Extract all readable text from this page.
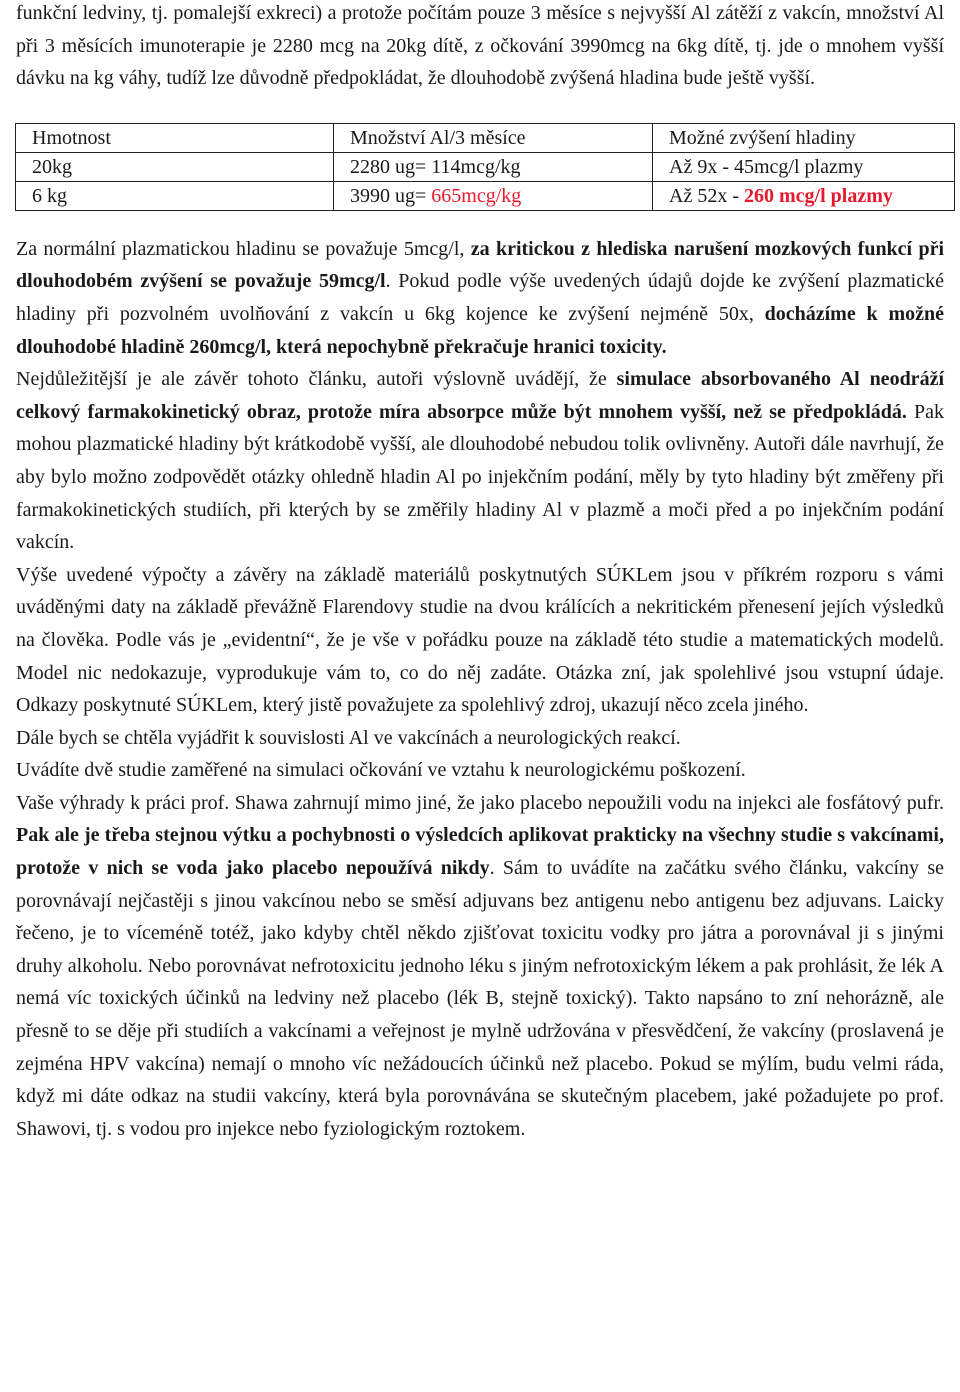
funkční ledviny, tj. pomalejší exkreci) a protože počítám pouze 3 měsíce s nejvyšší Al zátěží z vakcín, množství Al při 3 měsících imunoterapie je 2280 mcg na 20kg dítě, z očkování 3990mcg na 6kg dítě, tj. jde o mnohem vyšší dávku na kg váhy, tudíž lze důvodně předpokládat, že dlouhodobě zvýšená hladina bude ještě vyšší.

Hmotnost	Množství Al/3 měsíce	Možné zvýšení hladiny
20kg	2280 ug= 114mcg/kg	Až 9x - 45mcg/l plazmy
6 kg	3990 ug= 665mcg/kg	Až 52x - 260 mcg/l plazmy

Za normální plazmatickou hladinu se považuje 5mcg/l, za kritickou z hlediska narušení mozkových funkcí při dlouhodobém zvýšení se považuje 59mcg/l. Pokud podle výše uvedených údajů dojde ke zvýšení plazmatické hladiny při pozvolném uvolňování z vakcín u 6kg kojence ke zvýšení nejméně 50x, docházíme k možné dlouhodobé hladině 260mcg/l, která nepochybně překračuje hranici toxicity.

Nejdůležitější je ale závěr tohoto článku, autoři výslovně uvádějí, že simulace absorbovaného Al neodráží celkový farmakokinetický obraz, protože míra absorpce může být mnohem vyšší, než se předpokládá. Pak mohou plazmatické hladiny být krátkodobě vyšší, ale dlouhodobé nebudou tolik ovlivněny. Autoři dále navrhují, že aby bylo možno zodpovědět otázky ohledně hladin Al po injekčním podání, měly by tyto hladiny být změřeny při farmakokinetických studiích, při kterých by se změřily hladiny Al v plazmě a moči před a po injekčním podání vakcín.

Výše uvedené výpočty a závěry na základě materiálů poskytnutých SÚKLem jsou v příkrém rozporu s vámi uváděnými daty na základě převážně Flarendovy studie na dvou králících a nekritickém přenesení jejích výsledků na člověka. Podle vás je „evidentní“, že je vše v pořádku pouze na základě této studie a matematických modelů. Model nic nedokazuje, vyprodukuje vám to, co do něj zadáte. Otázka zní, jak spolehlivé jsou vstupní údaje. Odkazy poskytnuté SÚKLem, který jistě považujete za spolehlivý zdroj, ukazují něco zcela jiného.

Dále bych se chtěla vyjádřit k souvislosti Al ve vakcínách a neurologických reakcí.

Uvádíte dvě studie zaměřené na simulaci očkování ve vztahu k neurologickému poškození.

Vaše výhrady k práci prof. Shawa zahrnují mimo jiné, že jako placebo nepoužili vodu na injekci ale fosfátový pufr. Pak ale je třeba stejnou výtku a pochybnosti o výsledcích aplikovat prakticky na všechny studie s vakcínami, protože v nich se voda jako placebo nepoužívá nikdy. Sám to uvádíte na začátku svého článku, vakcíny se porovnávají nejčastěji s jinou vakcínou nebo se směsí adjuvans bez antigenu nebo antigenu bez adjuvans. Laicky řečeno, je to víceméně totéž, jako kdyby chtěl někdo zjišťovat toxicitu vodky pro játra a porovnával ji s jinými druhy alkoholu. Nebo porovnávat nefrotoxicitu jednoho léku s jiným nefrotoxickým lékem a pak prohlásit, že lék A nemá víc toxických účinků na ledviny než placebo (lék B, stejně toxický). Takto napsáno to zní nehorázně, ale přesně to se děje při studiích a vakcínami a veřejnost je mylně udržována v přesvědčení, že vakcíny (proslavená je zejména HPV vakcína) nemají o mnoho víc nežádoucích účinků než placebo. Pokud se mýlím, budu velmi ráda, když mi dáte odkaz na studii vakcíny, která byla porovnávána se skutečným placebem, jaké požadujete po prof. Shawovi, tj. s vodou pro injekce nebo fyziologickým roztokem.
